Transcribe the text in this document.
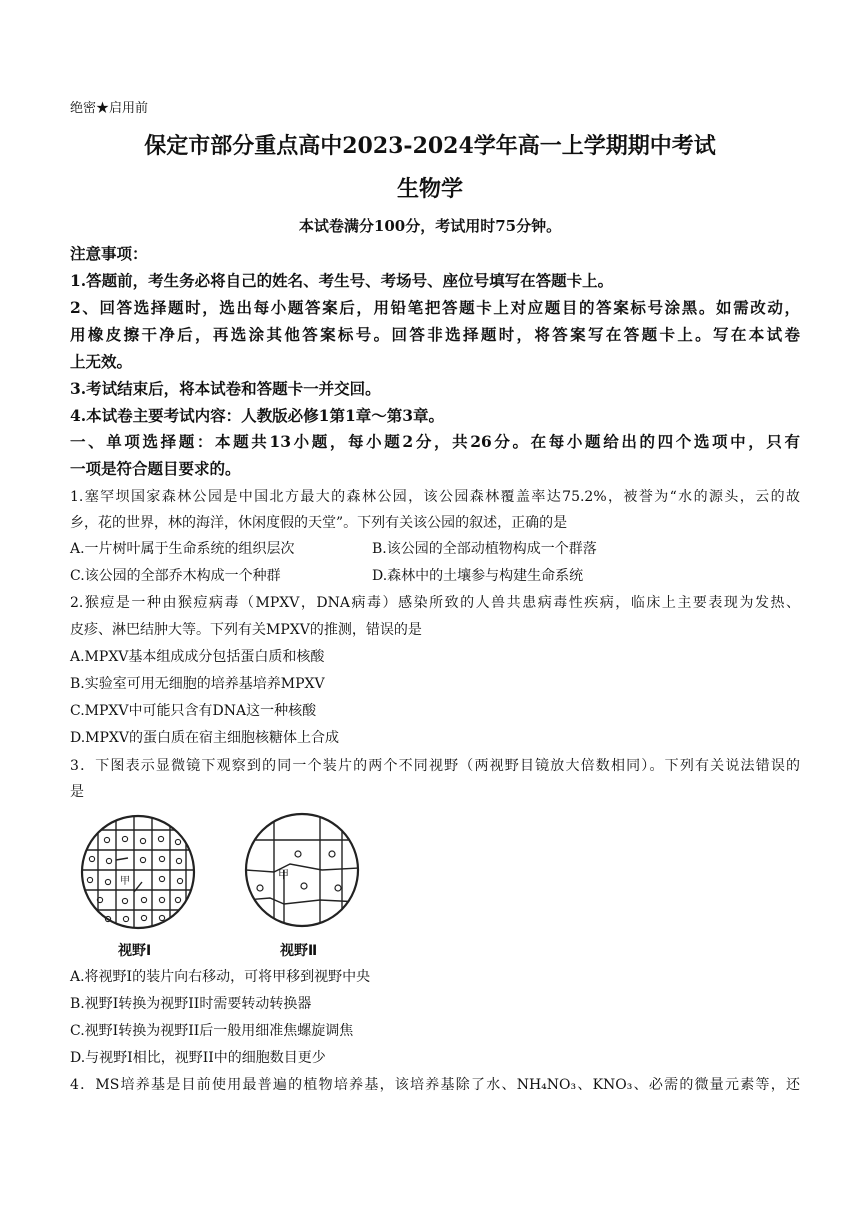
绝密★启用前
保定市部分重点高中2023-2024学年高一上学期期中考试
生物学
本试卷满分100分，考试用时75分钟。
注意事项：
1.答题前，考生务必将自己的姓名、考生号、考场号、座位号填写在答题卡上。
2、回答选择题时，选出每小题答案后，用铅笔把答题卡上对应题目的答案标号涂黑。如需改动，
用橡皮擦干净后，再选涂其他答案标号。回答非选择题时，将答案写在答题卡上。写在本试卷
上无效。
3.考试结束后，将本试卷和答题卡一并交回。
4.本试卷主要考试内容：人教版必修1第1章～第3章。
一、单项选择题：本题共13小题，每小题2分，共26分。在每小题给出的四个选项中，只有
一项是符合题目要求的。
1.塞罕坝国家森林公园是中国北方最大的森林公园，该公园森林覆盖率达75.2%，被誉为“水的源头，云的故
乡，花的世界，林的海洋，休闲度假的天堂”。下列有关该公园的叙述，正确的是
A.一片树叶属于生命系统的组织层次	B.该公园的全部动植物构成一个群落
C.该公园的全部乔木构成一个种群	D.森林中的土壤参与构建生命系统
2.猴痘是一种由猴痘病毒（MPXV，DNA病毒）感染所致的人兽共患病毒性疾病，临床上主要表现为发热、
皮疹、淋巴结肿大等。下列有关MPXV的推测，错误的是
A.MPXV基本组成成分包括蛋白质和核酸
B.实验室可用无细胞的培养基培养MPXV
C.MPXV中可能只含有DNA这一种核酸
D.MPXV的蛋白质在宿主细胞核糖体上合成
3．下图表示显微镜下观察到的同一个装片的两个不同视野（两视野目镜放大倍数相同）。下列有关说法错误的
是
甲
甲
视野Ⅰ	视野Ⅱ
A.将视野I的装片向右移动，可将甲移到视野中央
B.视野I转换为视野II时需要转动转换器
C.视野I转换为视野II后一般用细准焦螺旋调焦
D.与视野I相比，视野II中的细胞数目更少
4．MS培养基是目前使用最普遍的植物培养基，该培养基除了水、NH₄NO₃、KNO₃、必需的微量元素等，还
